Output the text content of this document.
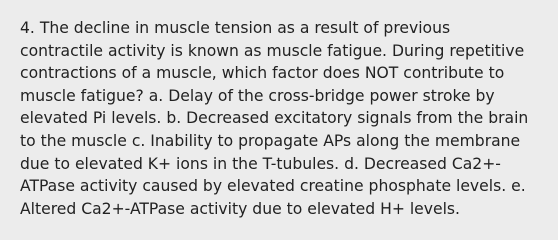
4. The decline in muscle tension as a result of previous
contractile activity is known as muscle fatigue. During repetitive
contractions of a muscle, which factor does NOT contribute to
muscle fatigue? a. Delay of the cross-bridge power stroke by
elevated Pi levels. b. Decreased excitatory signals from the brain
to the muscle c. Inability to propagate APs along the membrane
due to elevated K+ ions in the T-tubules. d. Decreased Ca2+-
ATPase activity caused by elevated creatine phosphate levels. e.
Altered Ca2+-ATPase activity due to elevated H+ levels.
